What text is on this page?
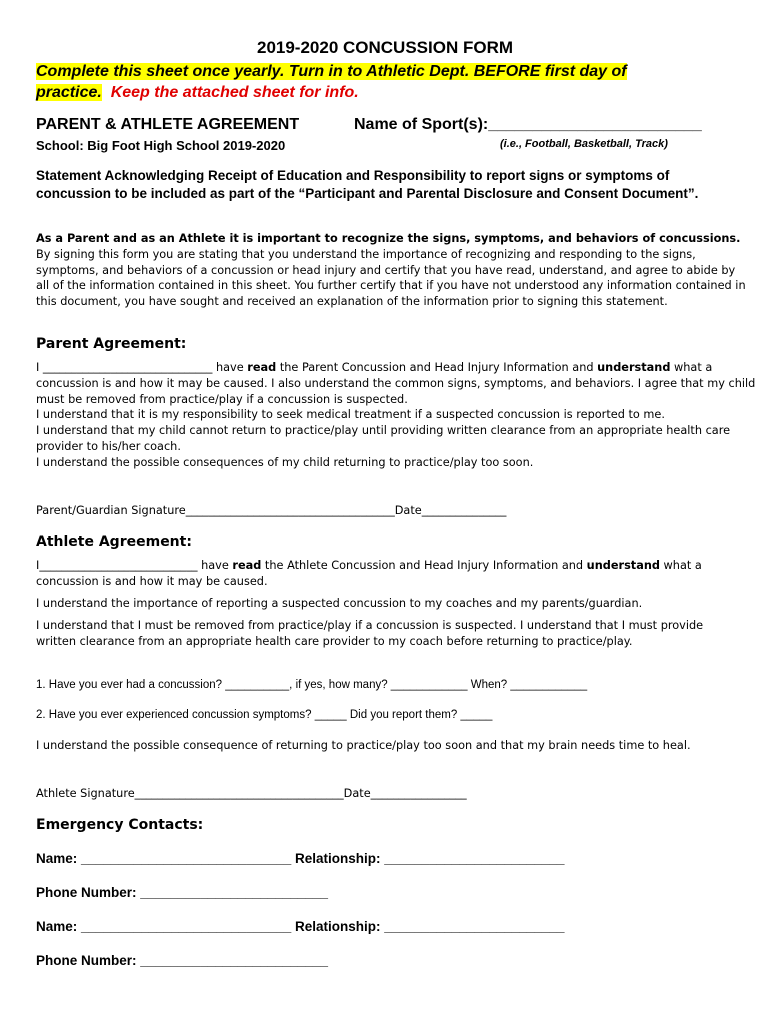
2019-2020 CONCUSSION FORM
Complete this sheet once yearly. Turn in to Athletic Dept. BEFORE first day of
practice. Keep the attached sheet for info.
PARENT & ATHLETE AGREEMENT	Name of Sport(s):________________________
School: Big Foot High School 2019-2020	(i.e., Football, Basketball, Track)
Statement Acknowledging Receipt of Education and Responsibility to report signs or symptoms of concussion to be included as part of the “Participant and Parental Disclosure and Consent Document”.
As a Parent and as an Athlete it is important to recognize the signs, symptoms, and behaviors of concussions. By signing this form you are stating that you understand the importance of recognizing and responding to the signs, symptoms, and behaviors of a concussion or head injury and certify that you have read, understand, and agree to abide by all of the information contained in this sheet. You further certify that if you have not understood any information contained in this document, you have sought and received an explanation of the information prior to signing this statement.
Parent Agreement:
I ______________________________ have read the Parent Concussion and Head Injury Information and understand what a concussion is and how it may be caused. I also understand the common signs, symptoms, and behaviors. I agree that my child must be removed from practice/play if a concussion is suspected.
I understand that it is my responsibility to seek medical treatment if a suspected concussion is reported to me.
I understand that my child cannot return to practice/play until providing written clearance from an appropriate health care provider to his/her coach.
I understand the possible consequences of my child returning to practice/play too soon.
Parent/Guardian Signature_____________________________________Date_______________
Athlete Agreement:
I____________________________ have read the Athlete Concussion and Head Injury Information and understand what a concussion is and how it may be caused.
I understand the importance of reporting a suspected concussion to my coaches and my parents/guardian.
I understand that I must be removed from practice/play if a concussion is suspected. I understand that I must provide written clearance from an appropriate health care provider to my coach before returning to practice/play.
1. Have you ever had a concussion? __________, if yes, how many? ____________ When? ____________
2. Have you ever experienced concussion symptoms? _____ Did you report them? _____
I understand the possible consequence of returning to practice/play too soon and that my brain needs time to heal.
Athlete Signature_____________________________________Date_________________
Emergency Contacts:
Name: ____________________________ Relationship: ________________________
Phone Number: _________________________
Name: ____________________________ Relationship: ________________________
Phone Number: _________________________
